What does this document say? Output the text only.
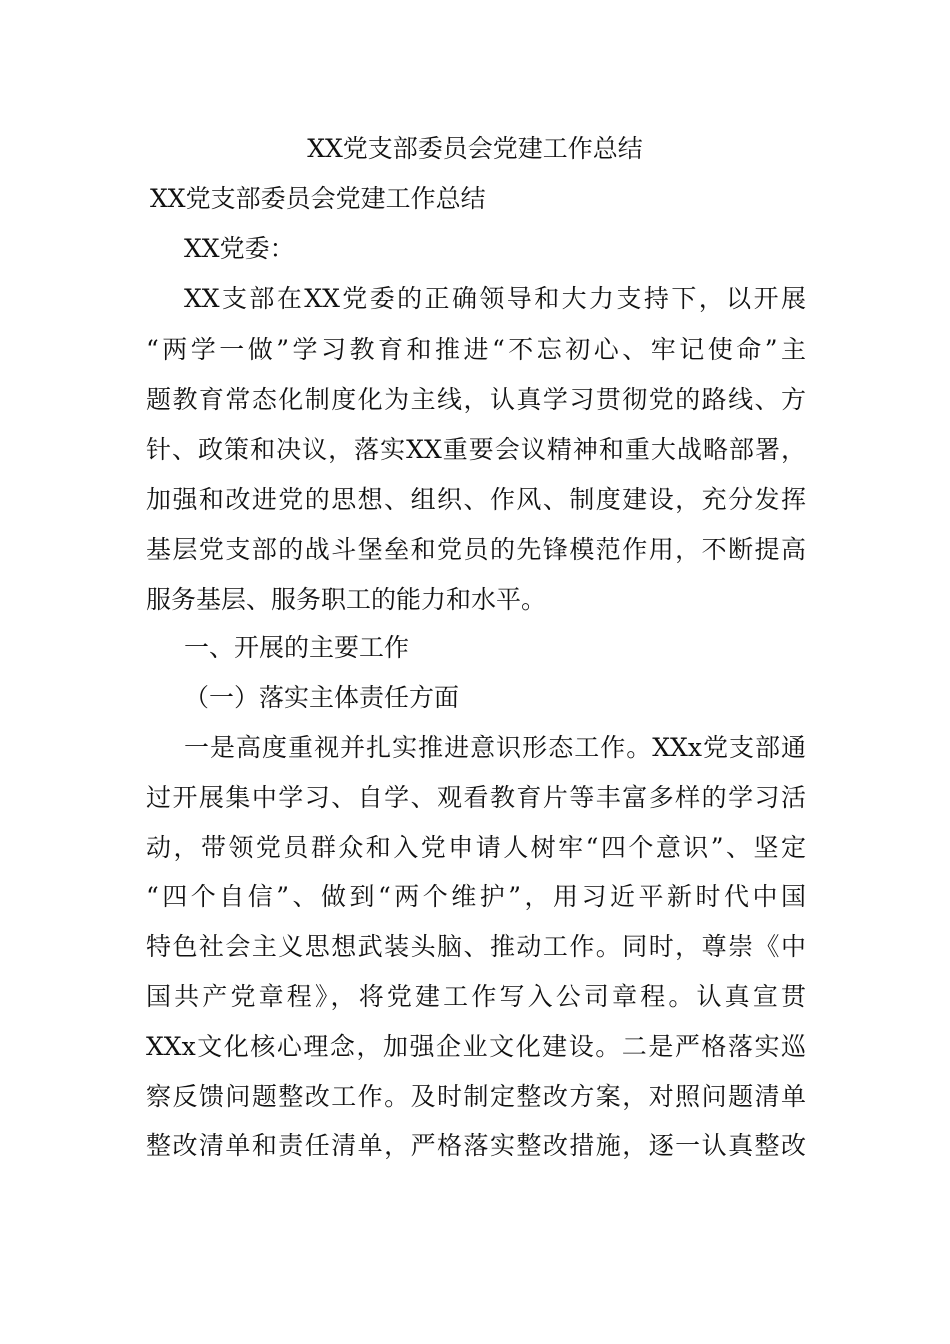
XX党支部委员会党建工作总结
XX党支部委员会党建工作总结
XX党委：
XX支部在XX党委的正确领导和大力支持下，以开展
“两学一做”学习教育和推进“不忘初心、牢记使命”主
题教育常态化制度化为主线，认真学习贯彻党的路线、方
针、政策和决议，落实XX重要会议精神和重大战略部署，
加强和改进党的思想、组织、作风、制度建设，充分发挥
基层党支部的战斗堡垒和党员的先锋模范作用，不断提高
服务基层、服务职工的能力和水平。
一、开展的主要工作
（一）落实主体责任方面
一是高度重视并扎实推进意识形态工作。XXx党支部通
过开展集中学习、自学、观看教育片等丰富多样的学习活
动，带领党员群众和入党申请人树牢“四个意识”、坚定
“四个自信”、做到“两个维护”，用习近平新时代中国
特色社会主义思想武装头脑、推动工作。同时，尊崇《中
国共产党章程》，将党建工作写入公司章程。认真宣贯
XXx文化核心理念，加强企业文化建设。二是严格落实巡
察反馈问题整改工作。及时制定整改方案，对照问题清单
整改清单和责任清单，严格落实整改措施，逐一认真整改
